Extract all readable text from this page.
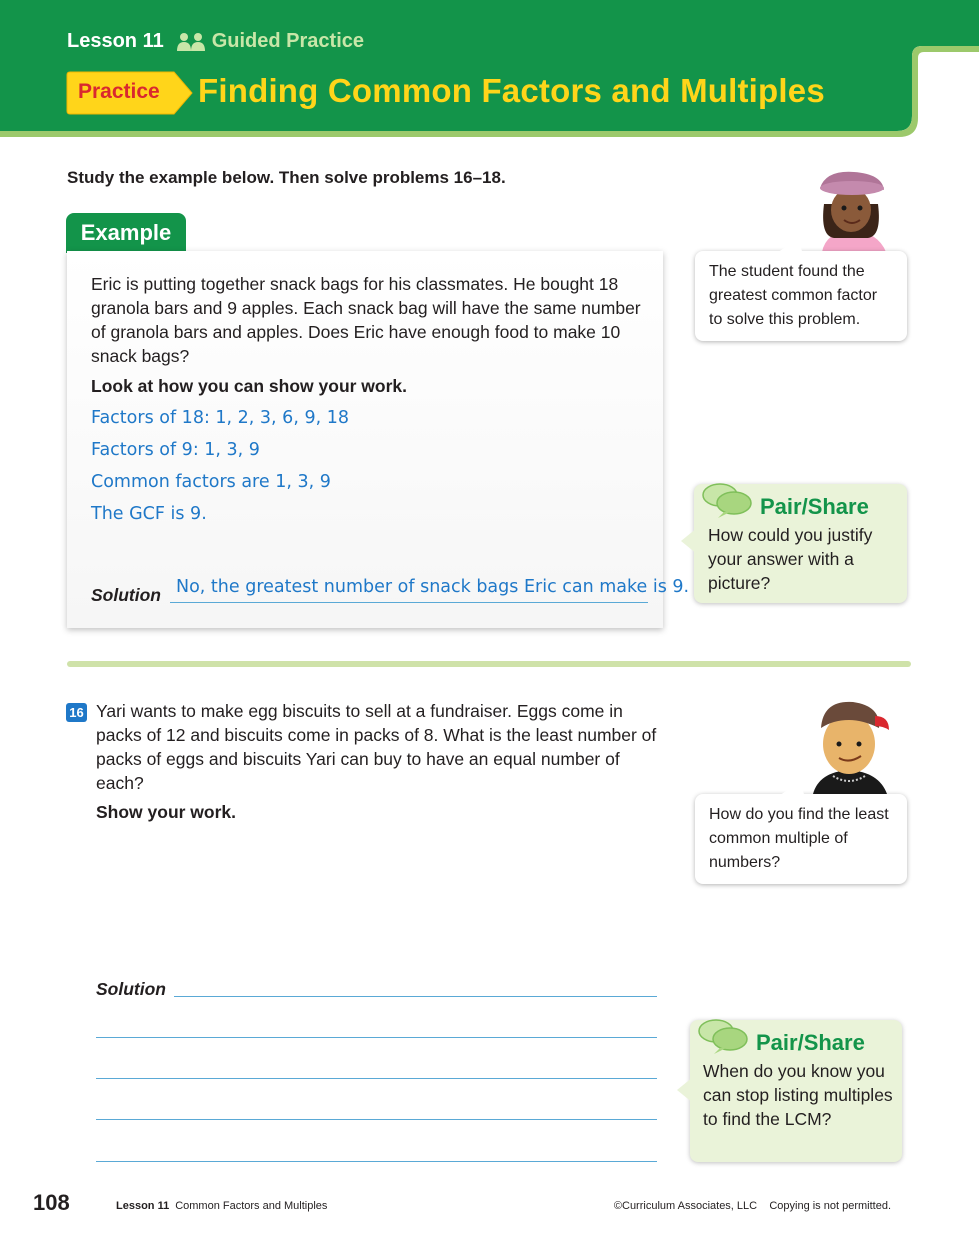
Lesson 11 Guided Practice
Practice Finding Common Factors and Multiples
Study the example below. Then solve problems 16–18.
Example
Eric is putting together snack bags for his classmates. He bought 18 granola bars and 9 apples. Each snack bag will have the same number of granola bars and apples. Does Eric have enough food to make 10 snack bags?
Look at how you can show your work.
Factors of 18: 1, 2, 3, 6, 9, 18
Factors of 9: 1, 3, 9
Common factors are 1, 3, 9
The GCF is 9.
Solution No, the greatest number of snack bags Eric can make is 9.
The student found the greatest common factor to solve this problem.
Pair/Share
How could you justify your answer with a picture?
16 Yari wants to make egg biscuits to sell at a fundraiser. Eggs come in packs of 12 and biscuits come in packs of 8. What is the least number of packs of eggs and biscuits Yari can buy to have an equal number of each?
Show your work.
Solution
How do you find the least common multiple of numbers?
Pair/Share
When do you know you can stop listing multiples to find the LCM?
108	Lesson 11 Common Factors and Multiples	©Curriculum Associates, LLC    Copying is not permitted.
